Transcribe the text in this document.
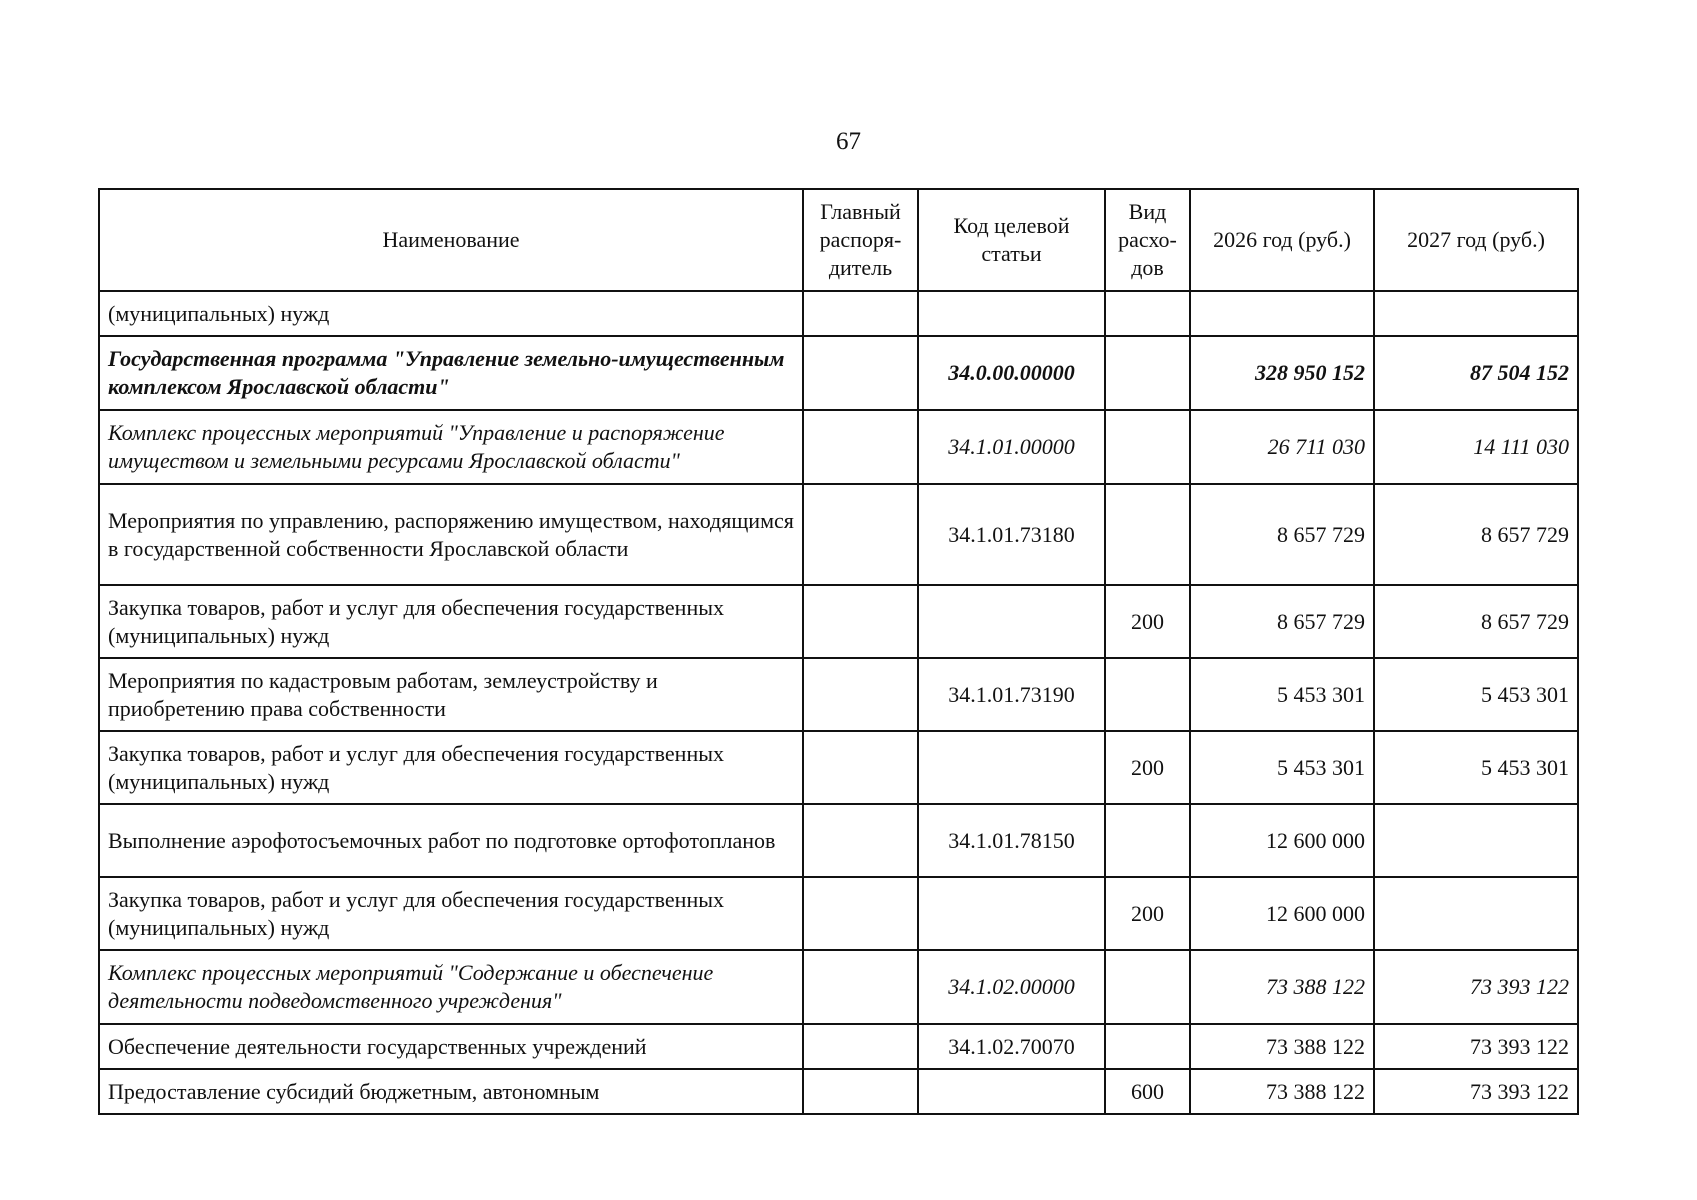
67
Наименование	Главный распоря-дитель	Код целевой статьи	Вид расхо-дов	2026 год (руб.)	2027 год (руб.)
(муниципальных) нужд					
Государственная программа "Управление земельно-имущественным комплексом Ярославской области"		34.0.00.00000		328 950 152	87 504 152
Комплекс процессных мероприятий "Управление и распоряжение имуществом и земельными ресурсами Ярославской области"		34.1.01.00000		26 711 030	14 111 030
Мероприятия по управлению, распоряжению имуществом, находящимся в государственной собственности Ярославской области		34.1.01.73180		8 657 729	8 657 729
Закупка товаров, работ и услуг для обеспечения государственных (муниципальных) нужд			200	8 657 729	8 657 729
Мероприятия по кадастровым работам, землеустройству и приобретению права собственности		34.1.01.73190		5 453 301	5 453 301
Закупка товаров, работ и услуг для обеспечения государственных (муниципальных) нужд			200	5 453 301	5 453 301
Выполнение аэрофотосъемочных работ по подготовке ортофотопланов		34.1.01.78150		12 600 000	
Закупка товаров, работ и услуг для обеспечения государственных (муниципальных) нужд			200	12 600 000	
Комплекс процессных мероприятий "Содержание и обеспечение деятельности подведомственного учреждения"		34.1.02.00000		73 388 122	73 393 122
Обеспечение деятельности государственных учреждений		34.1.02.70070		73 388 122	73 393 122
Предоставление субсидий бюджетным, автономным			600	73 388 122	73 393 122
